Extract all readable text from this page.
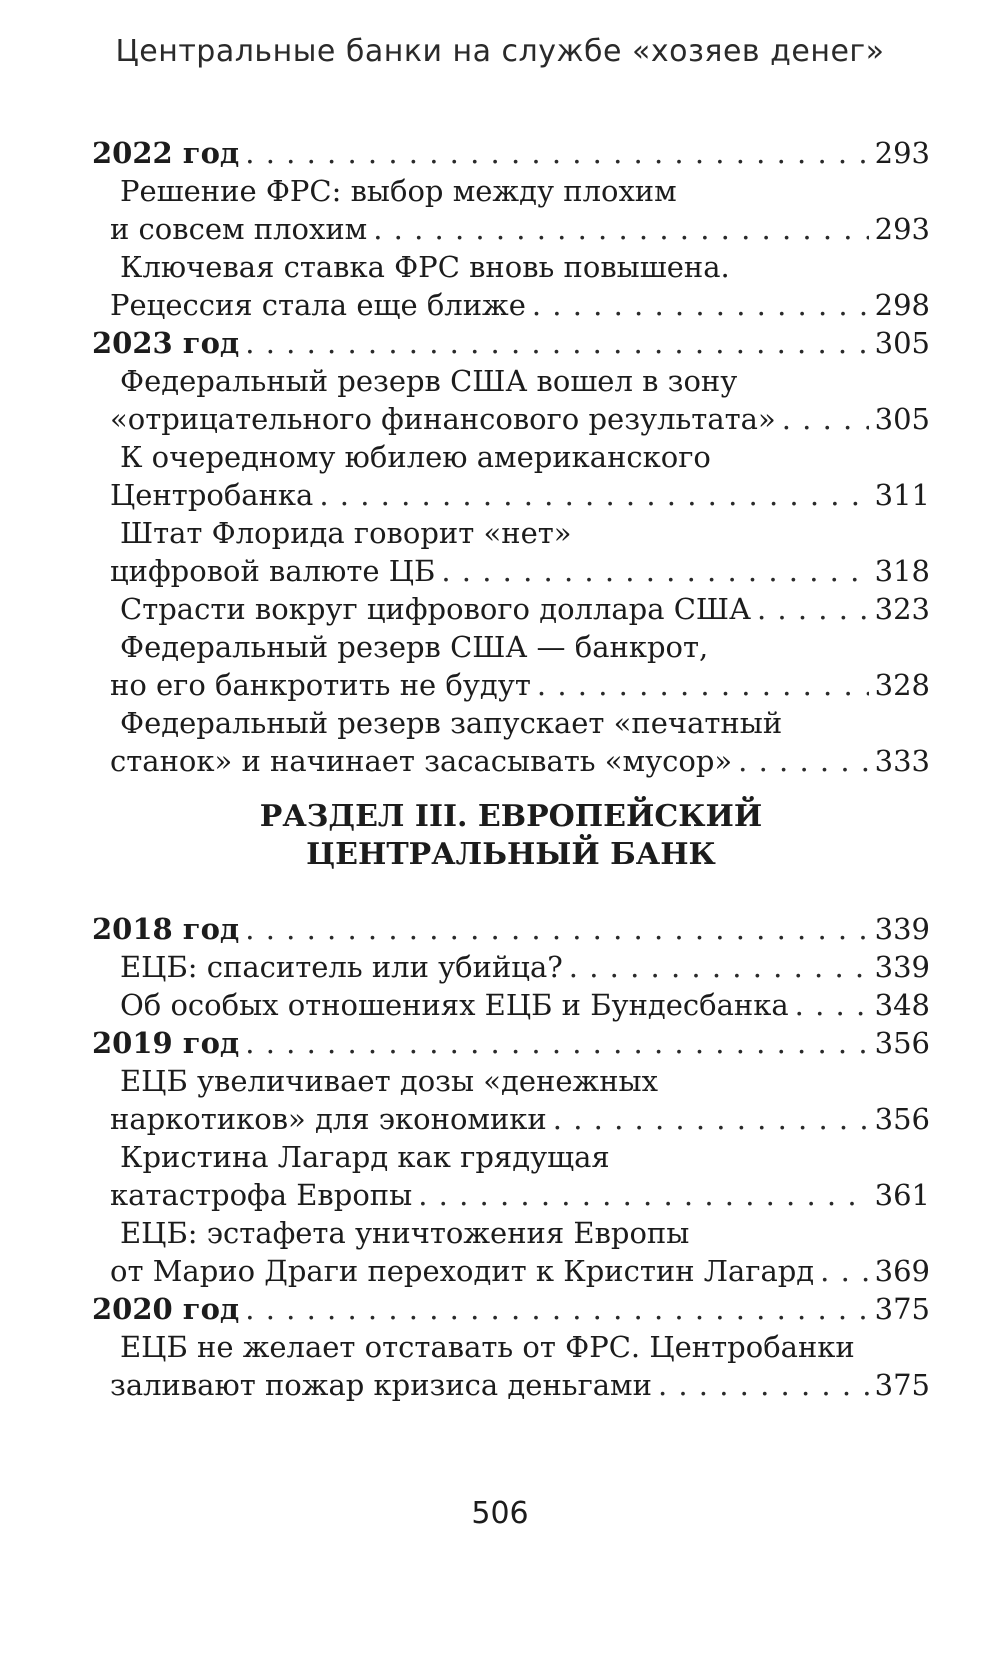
Центральные банки на службе «хозяев денег»
2022 год . . .	293
Решение ФРС: выбор между плохим
и совсем плохим . . .	293
Ключевая ставка ФРС вновь повышена.
Рецессия стала еще ближе . . .	298
2023 год . . .	305
Федеральный резерв США вошел в зону
«отрицательного финансового результата» . . .	305
К очередному юбилею американского
Центробанка . . .	311
Штат Флорида говорит «нет»
цифровой валюте ЦБ . . .	318
Страсти вокруг цифрового доллара США . . .	323
Федеральный резерв США — банкрот,
но его банкротить не будут . . .	328
Федеральный резерв запускает «печатный
станок» и начинает засасывать «мусор» . . .	333
РАЗДЕЛ III. ЕВРОПЕЙСКИЙ
ЦЕНТРАЛЬНЫЙ БАНК
2018 год . . .	339
ЕЦБ: спаситель или убийца? . . .	339
Об особых отношениях ЕЦБ и Бундесбанка . . .	348
2019 год . . .	356
ЕЦБ увеличивает дозы «денежных
наркотиков» для экономики . . .	356
Кристина Лагард как грядущая
катастрофа Европы . . .	361
ЕЦБ: эстафета уничтожения Европы
от Марио Драги переходит к Кристин Лагард . . . 369
2020 год . . .	375
ЕЦБ не желает отставать от ФРС. Центробанки
заливают пожар кризиса деньгами . . .	375
506
